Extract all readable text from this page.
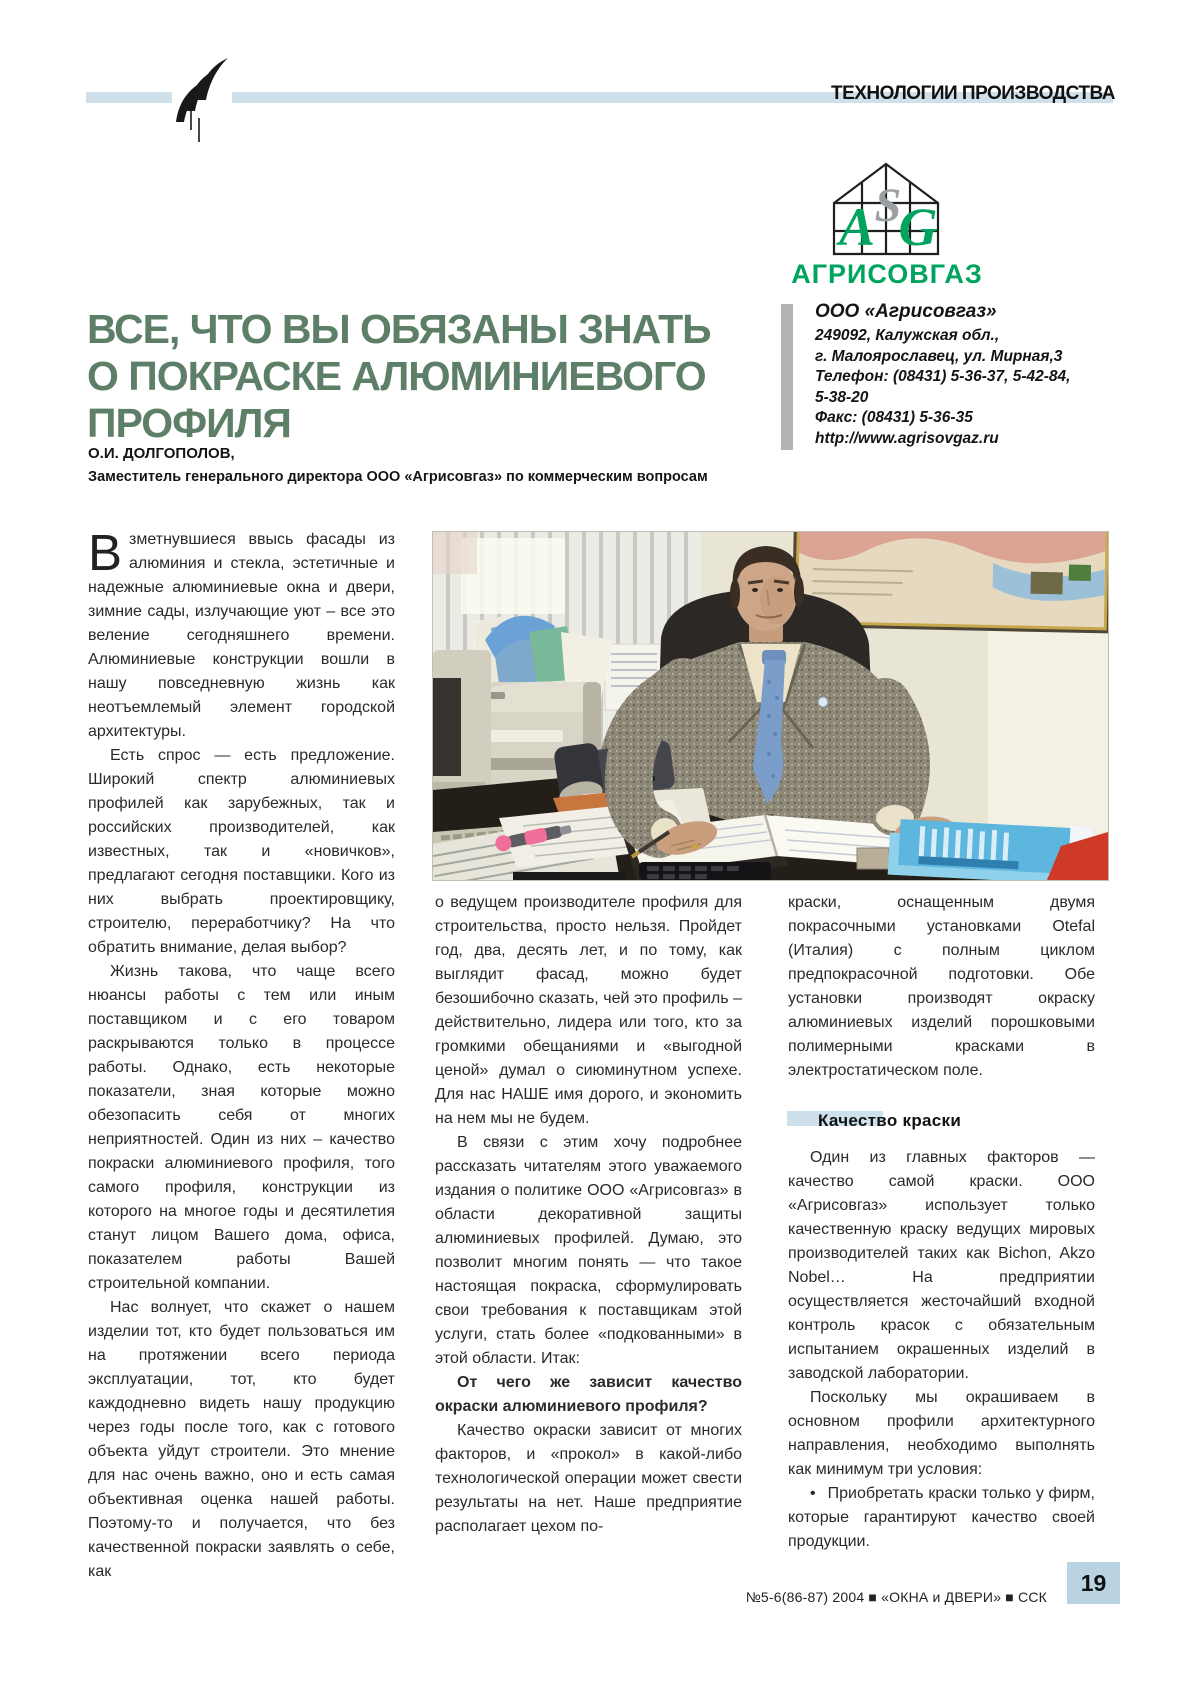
ТЕХНОЛОГИИ ПРОИЗВОДСТВА
S
A G
АГРИСОВГАЗ
ООО «Агрисовгаз»
249092, Калужская обл.,
г. Малоярославец, ул. Мирная,3
Телефон: (08431) 5-36-37, 5-42-84,
5-38-20
Факс: (08431) 5-36-35
http://www.agrisovgaz.ru
ВСЕ, ЧТО ВЫ ОБЯЗАНЫ ЗНАТЬ
О ПОКРАСКЕ АЛЮМИНИЕВОГО
ПРОФИЛЯ
О.И. ДОЛГОПОЛОВ,
Заместитель генерального директора ООО «Агрисовгаз» по коммерческим вопросам

Взметнувшиеся ввысь фасады из алюминия и стекла, эстетичные и надежные алюминиевые окна и двери, зимние сады, излучающие уют – все это веление сегодняшнего времени. Алюминиевые конструкции вошли в нашу повседневную жизнь как неотъемлемый элемент городской архитектуры.

Есть спрос — есть предложение. Широкий спектр алюминиевых профилей как зарубежных, так и российских производителей, как известных, так и «новичков», предлагают сегодня поставщики. Кого из них выбрать проектировщику, строителю, переработчику? На что обратить внимание, делая выбор?

Жизнь такова, что чаще всего нюансы работы с тем или иным поставщиком и с его товаром раскрываются только в процессе работы. Однако, есть некоторые показатели, зная которые можно обезопасить себя от многих неприятностей. Один из них – качество покраски алюминиевого профиля, того самого профиля, конструкции из которого на многое годы и десятилетия станут лицом Вашего дома, офиса, показателем работы Вашей строительной компании.

Нас волнует, что скажет о нашем изделии тот, кто будет пользоваться им на протяжении всего периода эксплуатации, тот, кто будет каждодневно видеть нашу продукцию через годы после того, как с готового объекта уйдут строители. Это мнение для нас очень важно, оно и есть самая объективная оценка нашей работы. Поэтому-то и получается, что без качественной покраски заявлять о себе, как

о ведущем производителе профиля для строительства, просто нельзя. Пройдет год, два, десять лет, и по тому, как выглядит фасад, можно будет безошибочно сказать, чей это профиль – действительно, лидера или того, кто за громкими обещаниями и «выгодной ценой» думал о сиюминутном успехе. Для нас НАШЕ имя дорого, и экономить на нем мы не будем.

В связи с этим хочу подробнее рассказать читателям этого уважаемого издания о политике ООО «Агрисовгаз» в области декоративной защиты алюминиевых профилей. Думаю, это позволит многим понять — что такое настоящая покраска, сформулировать свои требования к поставщикам этой услуги, стать более «подкованными» в этой области. Итак:

От чего же зависит качество окраски алюминиевого профиля?

Качество окраски зависит от многих факторов, и «прокол» в какой-либо технологической операции может свести результаты на нет. Наше предприятие располагает цехом по-

краски, оснащенным двумя покрасочными установками Otefal (Италия) с полным циклом предпокрасочной подготовки. Обе установки производят окраску алюминиевых изделий порошковыми полимерными красками в электростатическом поле.

Качество краски

Один из главных факторов — качество самой краски. ООО «Агрисовгаз» использует только качественную краску ведущих мировых производителей таких как Bichon, Akzo Nobel… На предприятии осуществляется жесточайший входной контроль красок с обязательным испытанием окрашенных изделий в заводской лаборатории.

Поскольку мы окрашиваем в основном профили архитектурного направления, необходимо выполнять как минимум три условия:

• Приобретать краски только у фирм, которые гарантируют качество своей продукции.

№5-6(86-87) 2004 ■ «ОКНА и ДВЕРИ» ■ ССК
19
